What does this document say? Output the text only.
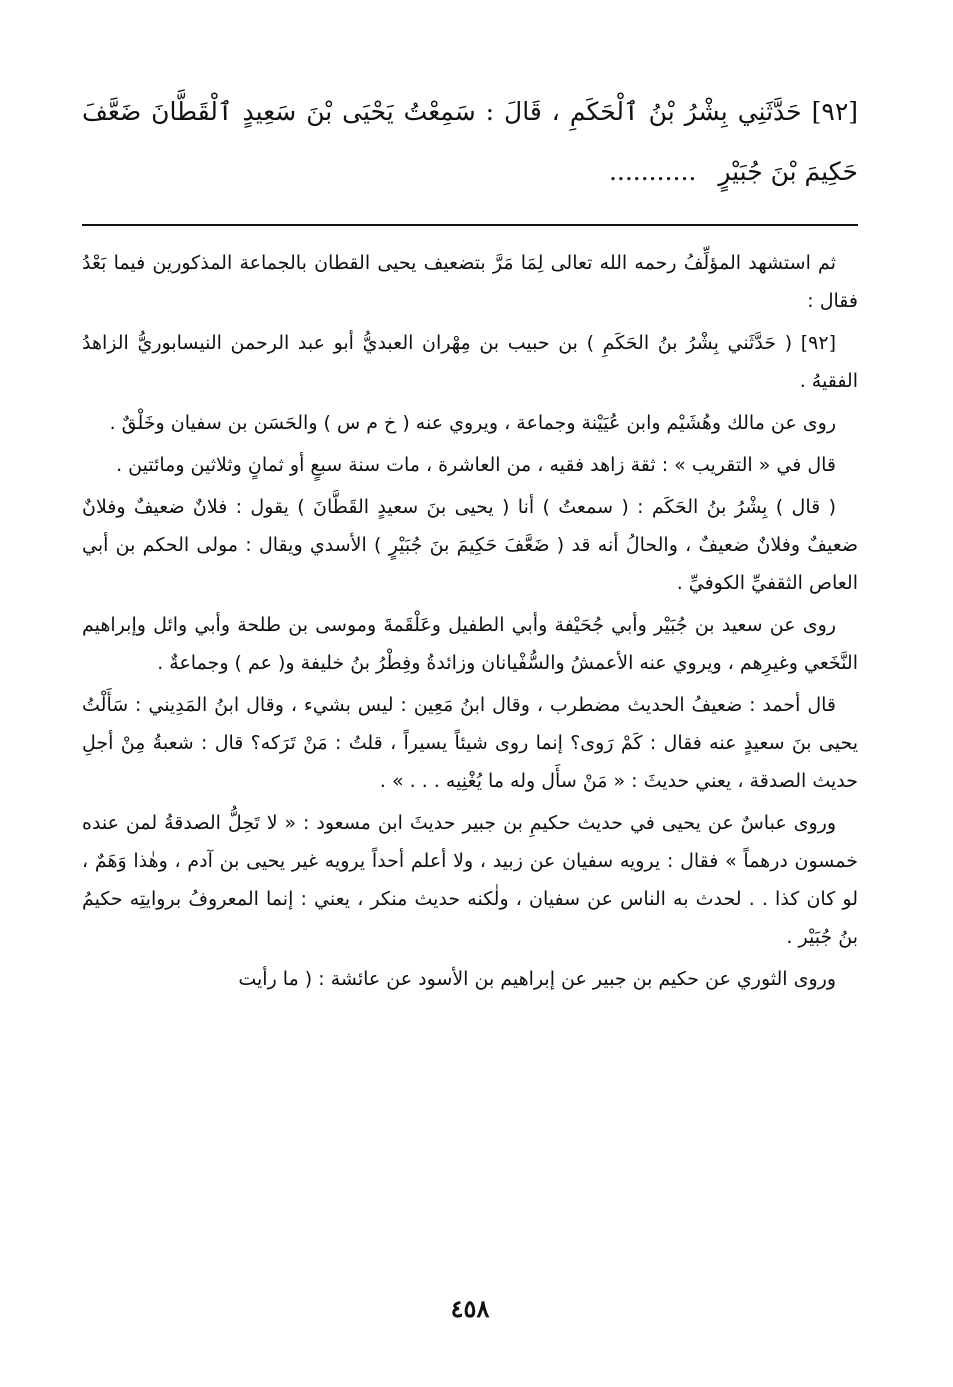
[٩٢] حَدَّثَنِي بِشْرُ بْنُ ٱلْحَكَمِ ، قَالَ : سَمِعْتُ يَحْيَى بْنَ سَعِيدٍ ٱلْقَطَّانَ ضَعَّفَ حَكِيمَ بْنَ جُبَيْرٍ ...........

ثم استشهد المؤلِّفُ رحمه الله تعالى لِمَا مَرَّ بتضعيف يحيى القطان بالجماعة المذكورين فيما بَعْدُ فقال :

[٩٢] ( حَدَّثَني بِشْرُ بنُ الحَكَمِ ) بن حبيب بن مِهْران العبديُّ أبو عبد الرحمن النيسابوريُّ الزاهدُ الفقيهُ .

روى عن مالك وهُشَيْم وابن عُيَيْنة وجماعة ، ويروي عنه ( خ م س ) والحَسَن بن سفيان وخَلْقٌ .

قال في « التقريب » : ثقة زاهد فقيه ، من العاشرة ، مات سنة سبعٍ أو ثمانٍ وثلاثين ومائتين .

( قال ) بِشْرُ بنُ الحَكَم : ( سمعتُ ) أنا ( يحيى بنَ سعيدٍ القَطَّانَ ) يقول : فلانٌ ضعيفٌ وفلانٌ ضعيفٌ وفلانٌ ضعيفٌ ، والحالُ أنه قد ( ضَعَّفَ حَكِيمَ بنَ جُبَيْرٍ ) الأسدي ويقال : مولى الحكم بن أبي العاص الثقفيِّ الكوفيِّ .

روى عن سعيد بن جُبَيْر وأبي جُحَيْفة وأبي الطفيل وعَلْقَمةَ وموسى بن طلحة وأبي وائل وإبراهيم النَّخَعي وغيرِهم ، ويروي عنه الأعمشُ والسُّفْيانان وزائدةُ وفِطْرُ بنُ خليفة و( عم ) وجماعةٌ .

قال أحمد : ضعيفُ الحديث مضطرب ، وقال ابنُ مَعِين : ليس بشيء ، وقال ابنُ المَدِيني : سَأَلْتُ يحيى بنَ سعيدٍ عنه فقال : كَمْ رَوى؟ إنما روى شيئاً يسيراً ، قلتُ : مَنْ تَرَكه؟ قال : شعبةُ مِنْ أجلِ حديث الصدقة ، يعني حديثَ : « مَنْ سأَل وله ما يُغْنِيه . . . » .

وروى عباسٌ عن يحيى في حديث حكيمِ بن جبير حديثَ ابن مسعود : « لا تَحِلُّ الصدقةُ لمن عنده خمسون درهماً » فقال : يرويه سفيان عن زبيد ، ولا أعلم أحداً يرويه غير يحيى بن آدم ، وهٰذا وَهَمٌ ، لو كان كذا . . لحدث به الناس عن سفيان ، ولٰكنه حديث منكر ، يعني : إنما المعروفُ بروايتِه حكيمُ بنُ جُبَيْر .

وروى الثوري عن حكيم بن جبير عن إبراهيم بن الأسود عن عائشة : ( ما رأيت

٤٥٨
